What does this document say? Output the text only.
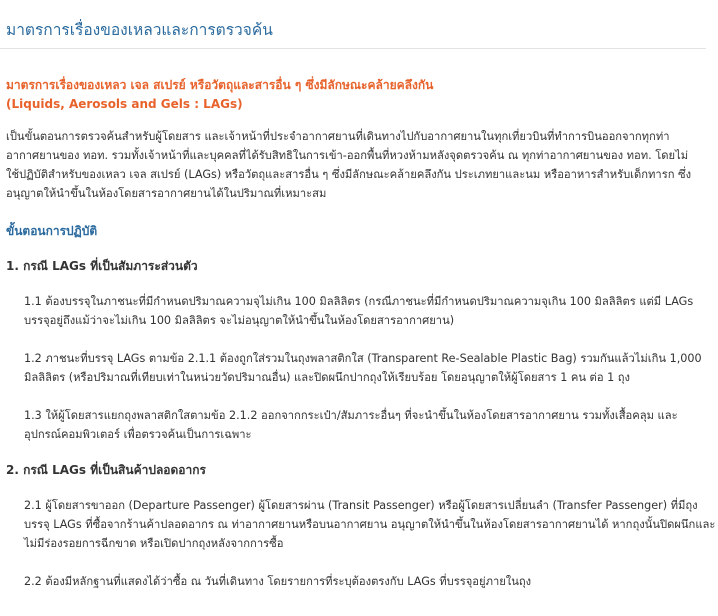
มาตรการเรื่องของเหลวและการตรวจค้น
มาตรการเรื่องของเหลว เจล สเปรย์ หรือวัตถุและสารอื่น ๆ ซึ่งมีลักษณะคล้ายคลึงกัน
(Liquids, Aerosols and Gels : LAGs)
เป็นขั้นตอนการตรวจค้นสำหรับผู้โดยสาร และเจ้าหน้าที่ประจำอากาศยานที่เดินทางไปกับอากาศยานในทุกเที่ยวบินที่ทำการบินออกจากทุกท่า
อากาศยานของ ทอท. รวมทั้งเจ้าหน้าที่และบุคคลที่ได้รับสิทธิในการเข้า-ออกพื้นที่หวงห้ามหลังจุดตรวจค้น ณ ทุกท่าอากาศยานของ ทอท. โดยไม่
ใช้ปฏิบัติสำหรับของเหลว เจล สเปรย์ (LAGs) หรือวัตถุและสารอื่น ๆ ซึ่งมีลักษณะคล้ายคลึงกัน ประเภทยาและนม หรืออาหารสำหรับเด็กทารก ซึ่ง
อนุญาตให้นำขึ้นในห้องโดยสารอากาศยานได้ในปริมาณที่เหมาะสม

ขั้นตอนการปฏิบัติ

1. กรณี LAGs ที่เป็นสัมภาระส่วนตัว

1.1 ต้องบรรจุในภาชนะที่มีกำหนดปริมาณความจุไม่เกิน 100 มิลลิลิตร (กรณีภาชนะที่มีกำหนดปริมาณความจุเกิน 100 มิลลิลิตร แต่มี LAGs
บรรจุอยู่ถึงแม้ว่าจะไม่เกิน 100 มิลลิลิตร จะไม่อนุญาตให้นำขึ้นในห้องโดยสารอากาศยาน)
1.2 ภาชนะที่บรรจุ LAGs ตามข้อ 2.1.1 ต้องถูกใส่รวมในถุงพลาสติกใส (Transparent Re-Sealable Plastic Bag) รวมกันแล้วไม่เกิน 1,000
มิลลิลิตร (หรือปริมาณที่เทียบเท่าในหน่วยวัดปริมาณอื่น) และปิดผนึกปากถุงให้เรียบร้อย โดยอนุญาตให้ผู้โดยสาร 1 คน ต่อ 1 ถุง
1.3 ให้ผู้โดยสารแยกถุงพลาสติกใสตามข้อ 2.1.2 ออกจากกระเป๋า/สัมภาระอื่นๆ ที่จะนำขึ้นในห้องโดยสารอากาศยาน รวมทั้งเสื้อคลุม และ
อุปกรณ์คอมพิวเตอร์ เพื่อตรวจค้นเป็นการเฉพาะ

2. กรณี LAGs ที่เป็นสินค้าปลอดอากร

2.1 ผู้โดยสารขาออก (Departure Passenger) ผู้โดยสารผ่าน (Transit Passenger) หรือผู้โดยสารเปลี่ยนลำ (Transfer Passenger) ที่มีถุง
บรรจุ LAGs ที่ซื้อจากร้านค้าปลอดอากร ณ ท่าอากาศยานหรือบนอากาศยาน อนุญาตให้นำขึ้นในห้องโดยสารอากาศยานได้ หากถุงนั้นปิดผนึกและ
ไม่มีร่องรอยการฉีกขาด หรือเปิดปากถุงหลังจากการซื้อ
2.2 ต้องมีหลักฐานที่แสดงได้ว่าซื้อ ณ วันที่เดินทาง โดยรายการที่ระบุต้องตรงกับ LAGs ที่บรรจุอยู่ภายในถุง
